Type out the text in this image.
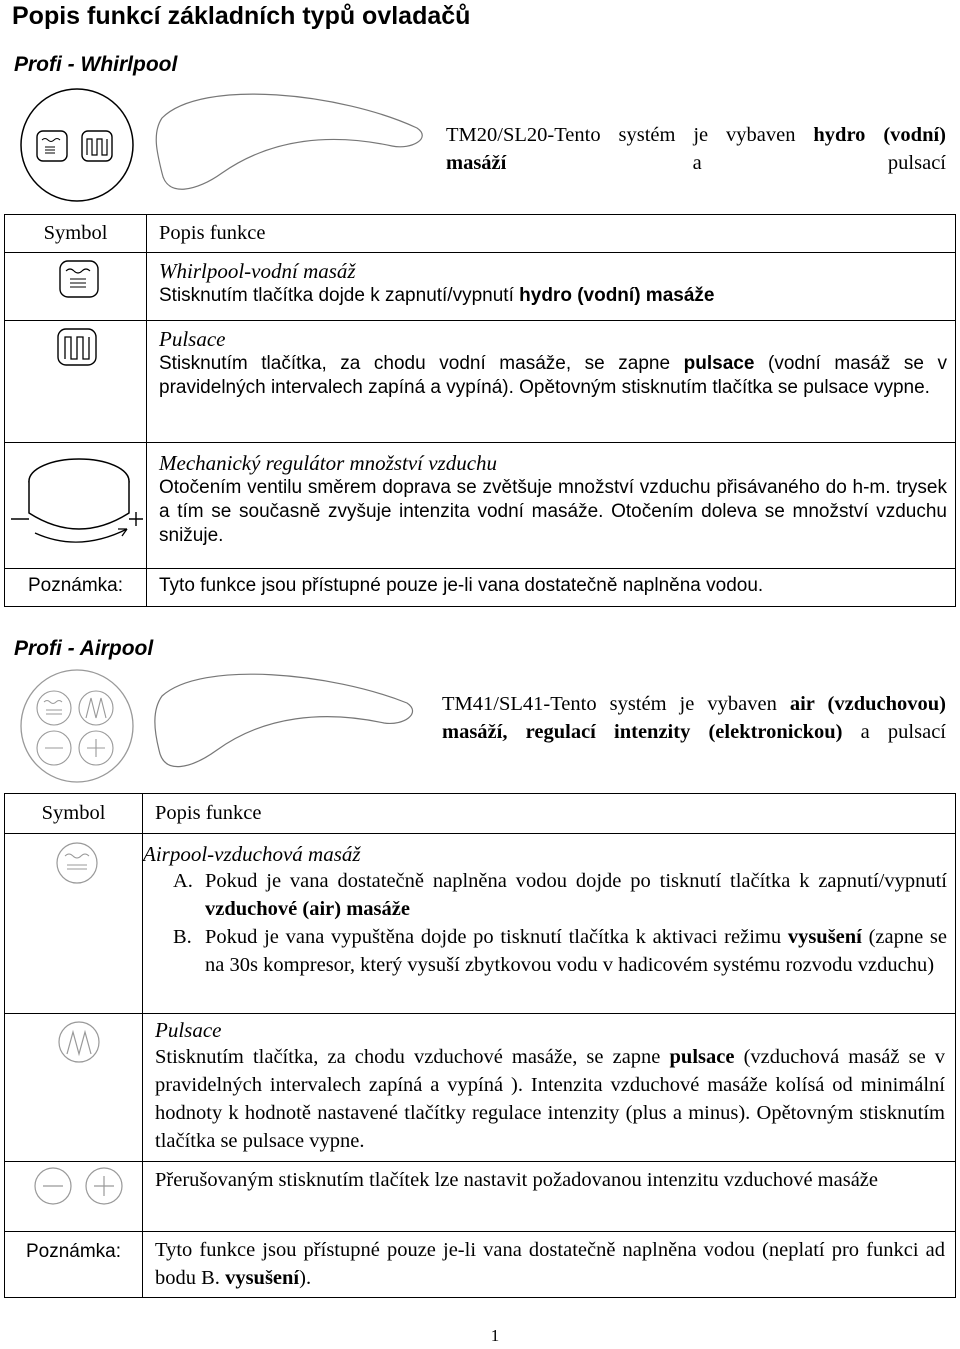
Popis funkcí základních typů ovladačů
Profi - Whirlpool
TM20/SL20-Tento systém je vybaven hydro (vodní) masáží	a pulsací
Symbol	Popis funkce

Whirlpool-vodní masáž
Stisknutím tlačítka dojde k zapnutí/vypnutí hydro (vodní) masáže

Pulsace
Stisknutím tlačítka, za chodu vodní masáže, se zapne pulsace (vodní masáž se v pravidelných intervalech zapíná a vypíná). Opětovným stisknutím tlačítka se pulsace vypne.

Mechanický regulátor množství vzduchu
Otočením ventilu směrem doprava se zvětšuje množství vzduchu přisávaného do h-m. trysek a tím se současně zvyšuje intenzita vodní masáže. Otočením doleva se množství vzduchu snižuje.

Poznámka:	Tyto funkce jsou přístupné pouze je-li vana dostatečně naplněna vodou.
Profi - Airpool
TM41/SL41-Tento systém je vybaven air (vzduchovou) masáží, regulací intenzity (elektronickou) a pulsací
Symbol	Popis funkce

Airpool-vzduchová masáž
A. Pokud je vana dostatečně naplněna vodou dojde po tisknutí tlačítka k zapnutí/vypnutí vzduchové (air) masáže
B. Pokud je vana vypuštěna dojde po tisknutí tlačítka k aktivaci režimu vysušení (zapne se na 30s kompresor, který vysuší zbytkovou vodu v hadicovém systému rozvodu vzduchu)

Pulsace
Stisknutím tlačítka, za chodu vzduchové masáže, se zapne pulsace (vzduchová masáž se v pravidelných intervalech zapíná a vypíná ). Intenzita vzduchové masáže kolísá od minimální hodnoty k hodnotě nastavené tlačítky regulace intenzity (plus a minus). Opětovným stisknutím tlačítka se pulsace vypne.

Přerušovaným stisknutím tlačítek lze nastavit požadovanou intenzitu vzduchové masáže

Poznámka:	Tyto funkce jsou přístupné pouze je-li vana dostatečně naplněna vodou (neplatí pro funkci ad bodu B. vysušení).
1
